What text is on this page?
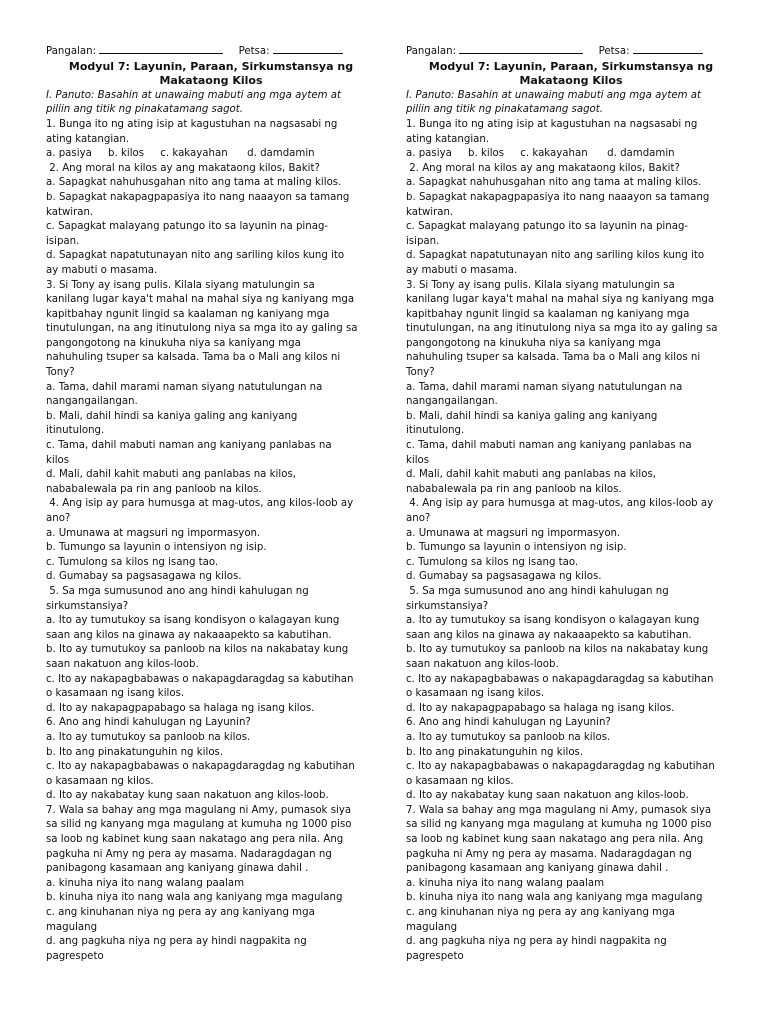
Pangalan:	Petsa:
Modyul 7: Layunin, Paraan, Sirkumstansya ng
Makataong Kilos
I. Panuto: Basahin at unawaing mabuti ang mga aytem at
piliin ang titik ng pinakatamang sagot.
1. Bunga ito ng ating isip at kagustuhan na nagsasabi ng
ating katangian.
a. pasiya     b. kilos     c. kakayahan      d. damdamin
2. Ang moral na kilos ay ang makataong kilos, Bakit?
a. Sapagkat nahuhusgahan nito ang tama at maling kilos.
b. Sapagkat nakapagpapasiya ito nang naaayon sa tamang
katwiran.
c. Sapagkat malayang patungo ito sa layunin na pinag-
isipan.
d. Sapagkat napatutunayan nito ang sariling kilos kung ito
ay mabuti o masama.
3. Si Tony ay isang pulis. Kilala siyang matulungin sa
kanilang lugar kaya't mahal na mahal siya ng kaniyang mga
kapitbahay ngunit lingid sa kaalaman ng kaniyang mga
tinutulungan, na ang itinutulong niya sa mga ito ay galing sa
pangongotong na kinukuha niya sa kaniyang mga
nahuhuling tsuper sa kalsada. Tama ba o Mali ang kilos ni
Tony?
a. Tama, dahil marami naman siyang natutulungan na
nangangailangan.
b. Mali, dahil hindi sa kaniya galing ang kaniyang
itinutulong.
c. Tama, dahil mabuti naman ang kaniyang panlabas na
kilos
d. Mali, dahil kahit mabuti ang panlabas na kilos,
nababalewala pa rin ang panloob na kilos.
4. Ang isip ay para humusga at mag-utos, ang kilos-loob ay
ano?
a. Umunawa at magsuri ng impormasyon.
b. Tumungo sa layunin o intensiyon ng isip.
c. Tumulong sa kilos ng isang tao.
d. Gumabay sa pagsasagawa ng kilos.
5. Sa mga sumusunod ano ang hindi kahulugan ng
sirkumstansiya?
a. Ito ay tumutukoy sa isang kondisyon o kalagayan kung
saan ang kilos na ginawa ay nakaaapekto sa kabutihan.
b. Ito ay tumutukoy sa panloob na kilos na nakabatay kung
saan nakatuon ang kilos-loob.
c. Ito ay nakapagbabawas o nakapagdaragdag sa kabutihan
o kasamaan ng isang kilos.
d. Ito ay nakapagpapabago sa halaga ng isang kilos.
6. Ano ang hindi kahulugan ng Layunin?
a. Ito ay tumutukoy sa panloob na kilos.
b. Ito ang pinakatunguhin ng kilos.
c. Ito ay nakapagbabawas o nakapagdaragdag ng kabutihan
o kasamaan ng kilos.
d. Ito ay nakabatay kung saan nakatuon ang kilos-loob.
7. Wala sa bahay ang mga magulang ni Amy, pumasok siya
sa silid ng kanyang mga magulang at kumuha ng 1000 piso
sa loob ng kabinet kung saan nakatago ang pera nila. Ang
pagkuha ni Amy ng pera ay masama. Nadaragdagan ng
panibagong kasamaan ang kaniyang ginawa dahil .
a. kinuha niya ito nang walang paalam
b. kinuha niya ito nang wala ang kaniyang mga magulang
c. ang kinuhanan niya ng pera ay ang kaniyang mga
magulang
d. ang pagkuha niya ng pera ay hindi nagpakita ng
pagrespeto
Pangalan:	Petsa:
Modyul 7: Layunin, Paraan, Sirkumstansya ng
Makataong Kilos
I. Panuto: Basahin at unawaing mabuti ang mga aytem at
piliin ang titik ng pinakatamang sagot.
1. Bunga ito ng ating isip at kagustuhan na nagsasabi ng
ating katangian.
a. pasiya     b. kilos     c. kakayahan      d. damdamin
2. Ang moral na kilos ay ang makataong kilos, Bakit?
a. Sapagkat nahuhusgahan nito ang tama at maling kilos.
b. Sapagkat nakapagpapasiya ito nang naaayon sa tamang
katwiran.
c. Sapagkat malayang patungo ito sa layunin na pinag-
isipan.
d. Sapagkat napatutunayan nito ang sariling kilos kung ito
ay mabuti o masama.
3. Si Tony ay isang pulis. Kilala siyang matulungin sa
kanilang lugar kaya't mahal na mahal siya ng kaniyang mga
kapitbahay ngunit lingid sa kaalaman ng kaniyang mga
tinutulungan, na ang itinutulong niya sa mga ito ay galing sa
pangongotong na kinukuha niya sa kaniyang mga
nahuhuling tsuper sa kalsada. Tama ba o Mali ang kilos ni
Tony?
a. Tama, dahil marami naman siyang natutulungan na
nangangailangan.
b. Mali, dahil hindi sa kaniya galing ang kaniyang
itinutulong.
c. Tama, dahil mabuti naman ang kaniyang panlabas na
kilos
d. Mali, dahil kahit mabuti ang panlabas na kilos,
nababalewala pa rin ang panloob na kilos.
4. Ang isip ay para humusga at mag-utos, ang kilos-loob ay
ano?
a. Umunawa at magsuri ng impormasyon.
b. Tumungo sa layunin o intensiyon ng isip.
c. Tumulong sa kilos ng isang tao.
d. Gumabay sa pagsasagawa ng kilos.
5. Sa mga sumusunod ano ang hindi kahulugan ng
sirkumstansiya?
a. Ito ay tumutukoy sa isang kondisyon o kalagayan kung
saan ang kilos na ginawa ay nakaaapekto sa kabutihan.
b. Ito ay tumutukoy sa panloob na kilos na nakabatay kung
saan nakatuon ang kilos-loob.
c. Ito ay nakapagbabawas o nakapagdaragdag sa kabutihan
o kasamaan ng isang kilos.
d. Ito ay nakapagpapabago sa halaga ng isang kilos.
6. Ano ang hindi kahulugan ng Layunin?
a. Ito ay tumutukoy sa panloob na kilos.
b. Ito ang pinakatunguhin ng kilos.
c. Ito ay nakapagbabawas o nakapagdaragdag ng kabutihan
o kasamaan ng kilos.
d. Ito ay nakabatay kung saan nakatuon ang kilos-loob.
7. Wala sa bahay ang mga magulang ni Amy, pumasok siya
sa silid ng kanyang mga magulang at kumuha ng 1000 piso
sa loob ng kabinet kung saan nakatago ang pera nila. Ang
pagkuha ni Amy ng pera ay masama. Nadaragdagan ng
panibagong kasamaan ang kaniyang ginawa dahil .
a. kinuha niya ito nang walang paalam
b. kinuha niya ito nang wala ang kaniyang mga magulang
c. ang kinuhanan niya ng pera ay ang kaniyang mga
magulang
d. ang pagkuha niya ng pera ay hindi nagpakita ng
pagrespeto
